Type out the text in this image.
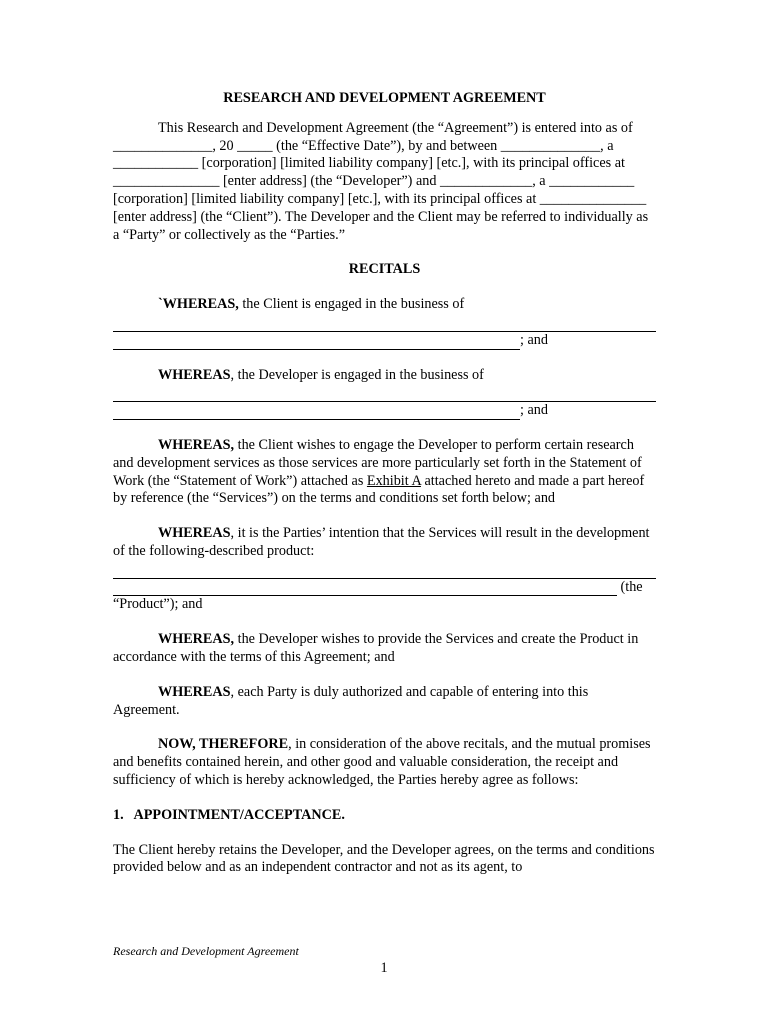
RESEARCH AND DEVELOPMENT AGREEMENT

This Research and Development Agreement (the “Agreement”) is entered into as of ______________, 20 _____ (the “Effective Date”), by and between ______________, a ____________ [corporation] [limited liability company] [etc.], with its principal offices at _______________ [enter address] (the “Developer”) and _____________, a ____________ [corporation] [limited liability company] [etc.], with its principal offices at _______________ [enter address] (the “Client”). The Developer and the Client may be referred to individually as a “Party” or collectively as the “Parties.”

RECITALS

`WHEREAS, the Client is engaged in the business of
; and
WHEREAS, the Developer is engaged in the business of
; and

WHEREAS, the Client wishes to engage the Developer to perform certain research and development services as those services are more particularly set forth in the Statement of Work (the “Statement of Work”) attached as Exhibit A attached hereto and made a part hereof by reference (the “Services”) on the terms and conditions set forth below; and

WHEREAS, it is the Parties’ intention that the Services will result in the development of the following-described product:
(the
“Product”); and

WHEREAS, the Developer wishes to provide the Services and create the Product in accordance with the terms of this Agreement; and

WHEREAS, each Party is duly authorized and capable of entering into this Agreement.

NOW, THEREFORE, in consideration of the above recitals, and the mutual promises and benefits contained herein, and other good and valuable consideration, the receipt and sufficiency of which is hereby acknowledged, the Parties hereby agree as follows:

1.   APPOINTMENT/ACCEPTANCE.

The Client hereby retains the Developer, and the Developer agrees, on the terms and conditions provided below and as an independent contractor and not as its agent, to

Research and Development Agreement
1
